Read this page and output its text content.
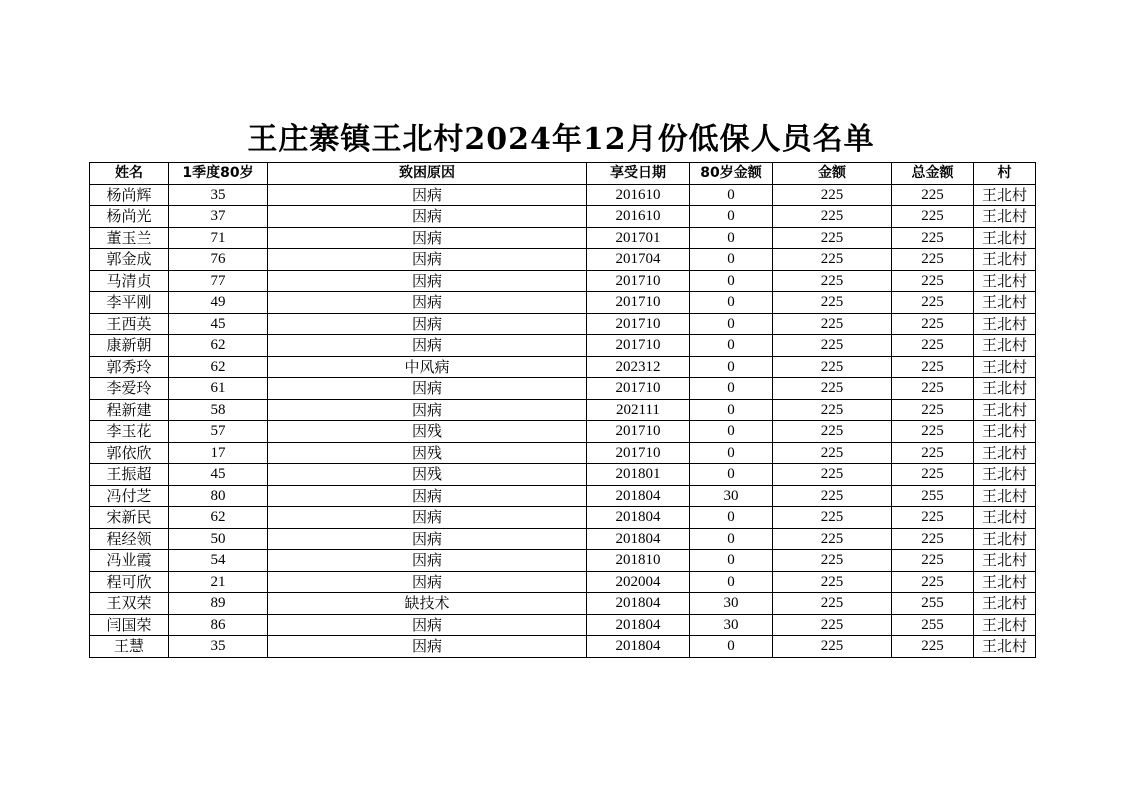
王庄寨镇王北村2024年12月份低保人员名单
姓名	1季度80岁	致困原因	享受日期	80岁金额	金额	总金额	村
杨尚辉	35	因病	201610	0	225	225	王北村
杨尚光	37	因病	201610	0	225	225	王北村
董玉兰	71	因病	201701	0	225	225	王北村
郭金成	76	因病	201704	0	225	225	王北村
马清贞	77	因病	201710	0	225	225	王北村
李平刚	49	因病	201710	0	225	225	王北村
王西英	45	因病	201710	0	225	225	王北村
康新朝	62	因病	201710	0	225	225	王北村
郭秀玲	62	中风病	202312	0	225	225	王北村
李爱玲	61	因病	201710	0	225	225	王北村
程新建	58	因病	202111	0	225	225	王北村
李玉花	57	因残	201710	0	225	225	王北村
郭依欣	17	因残	201710	0	225	225	王北村
王振超	45	因残	201801	0	225	225	王北村
冯付芝	80	因病	201804	30	225	255	王北村
宋新民	62	因病	201804	0	225	225	王北村
程经领	50	因病	201804	0	225	225	王北村
冯业霞	54	因病	201810	0	225	225	王北村
程可欣	21	因病	202004	0	225	225	王北村
王双荣	89	缺技术	201804	30	225	255	王北村
闫国荣	86	因病	201804	30	225	255	王北村
王慧	35	因病	201804	0	225	225	王北村
